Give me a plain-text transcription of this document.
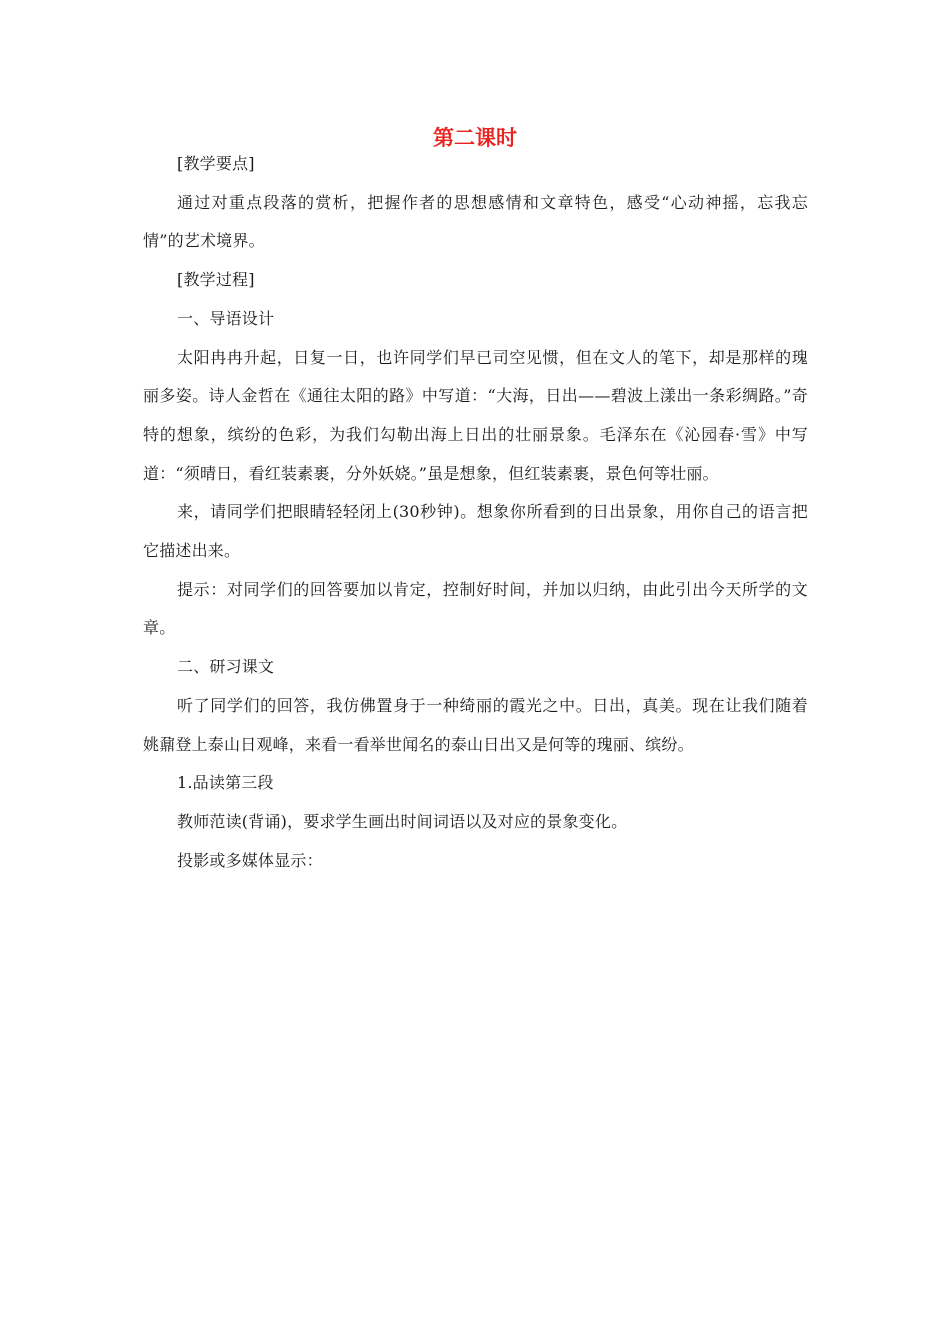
第二课时

[教学要点]

通过对重点段落的赏析，把握作者的思想感情和文章特色，感受“心动神摇，忘我忘情”的艺术境界。

[教学过程]

一、导语设计

太阳冉冉升起，日复一日，也许同学们早已司空见惯，但在文人的笔下，却是那样的瑰丽多姿。诗人金哲在《通往太阳的路》中写道：“大海，日出——碧波上漾出一条彩绸路。”奇特的想象，缤纷的色彩，为我们勾勒出海上日出的壮丽景象。毛泽东在《沁园春·雪》中写道：“须晴日，看红装素裹，分外妖娆。”虽是想象，但红装素裹，景色何等壮丽。

来，请同学们把眼睛轻轻闭上(30秒钟)。想象你所看到的日出景象，用你自己的语言把它描述出来。

提示：对同学们的回答要加以肯定，控制好时间，并加以归纳，由此引出今天所学的文章。

二、研习课文

听了同学们的回答，我仿佛置身于一种绮丽的霞光之中。日出，真美。现在让我们随着姚鼐登上泰山日观峰，来看一看举世闻名的泰山日出又是何等的瑰丽、缤纷。

1.品读第三段

教师范读(背诵)，要求学生画出时间词语以及对应的景象变化。

投影或多媒体显示：
